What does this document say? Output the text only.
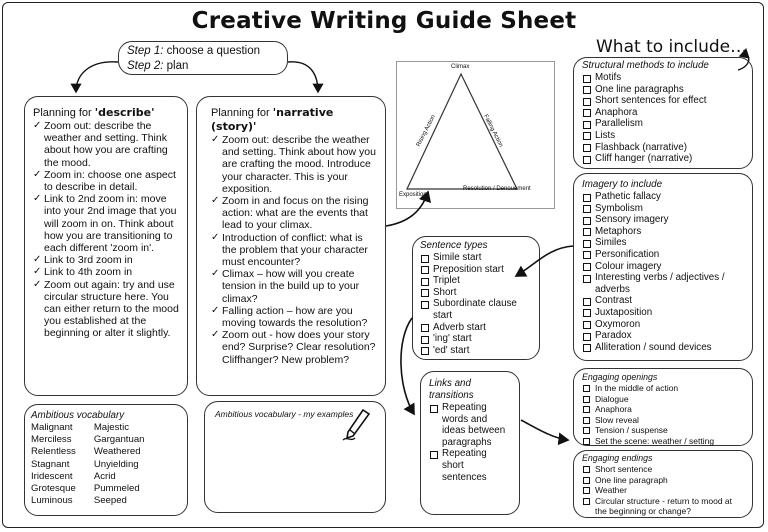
Creative Writing Guide Sheet
Step 1: choose a question
Step 2: plan
Planning for 'describe'
✓ Zoom out: describe the weather and setting. Think about how you are crafting the mood.
✓ Zoom in: choose one aspect to describe in detail.
✓ Link to 2nd zoom in: move into your 2nd image that you will zoom in on. Think about how you are transitioning to each different 'zoom in'.
✓ Link to 3rd zoom in
✓ Link to 4th zoom in
✓ Zoom out again: try and use circular structure here. You can either return to the mood you established at the beginning or alter it slightly.
Planning for 'narrative (story)'
✓ Zoom out: describe the weather and setting. Think about how you are crafting the mood. Introduce your character. This is your exposition.
✓ Zoom in and focus on the rising action: what are the events that lead to your climax.
✓ Introduction of conflict: what is the problem that your character must encounter?
✓ Climax – how will you create tension in the build up to your climax?
✓ Falling action – how are you moving towards the resolution?
✓ Zoom out - how does your story end? Surprise? Clear resolution? Cliffhanger? New problem?
Ambitious vocabulary
Malignant
Merciless
Relentless
Stagnant
Iridescent
Grotesque
Luminous
Majestic
Gargantuan
Weathered
Unyielding
Acrid
Pummeled
Seeped
Ambitious vocabulary - my examples
Climax
Rising Action	Falling Action
Exposition
Resolution / Denouement
What to include…
Structural methods to include
Motifs
One line paragraphs
Short sentences for effect
Anaphora
Parallelism
Lists
Flashback (narrative)
Cliff hanger (narrative)
Imagery to include
Pathetic fallacy
Symbolism
Sensory imagery
Metaphors
Similes
Personification
Colour imagery
Interesting verbs / adjectives / adverbs
Contrast
Juxtaposition
Oxymoron
Paradox
Alliteration / sound devices
Sentence types
Simile start
Preposition start
Triplet
Short
Subordinate clause start
Adverb start
'ing' start
'ed' start
Links and transitions
Repeating words and ideas between paragraphs
Repeating short sentences
Engaging openings
In the middle of action
Dialogue
Anaphora
Slow reveal
Tension / suspense
Set the scene: weather / setting
Engaging endings
Short sentence
One line paragraph
Weather
Circular structure - return to mood at the beginning or change?
